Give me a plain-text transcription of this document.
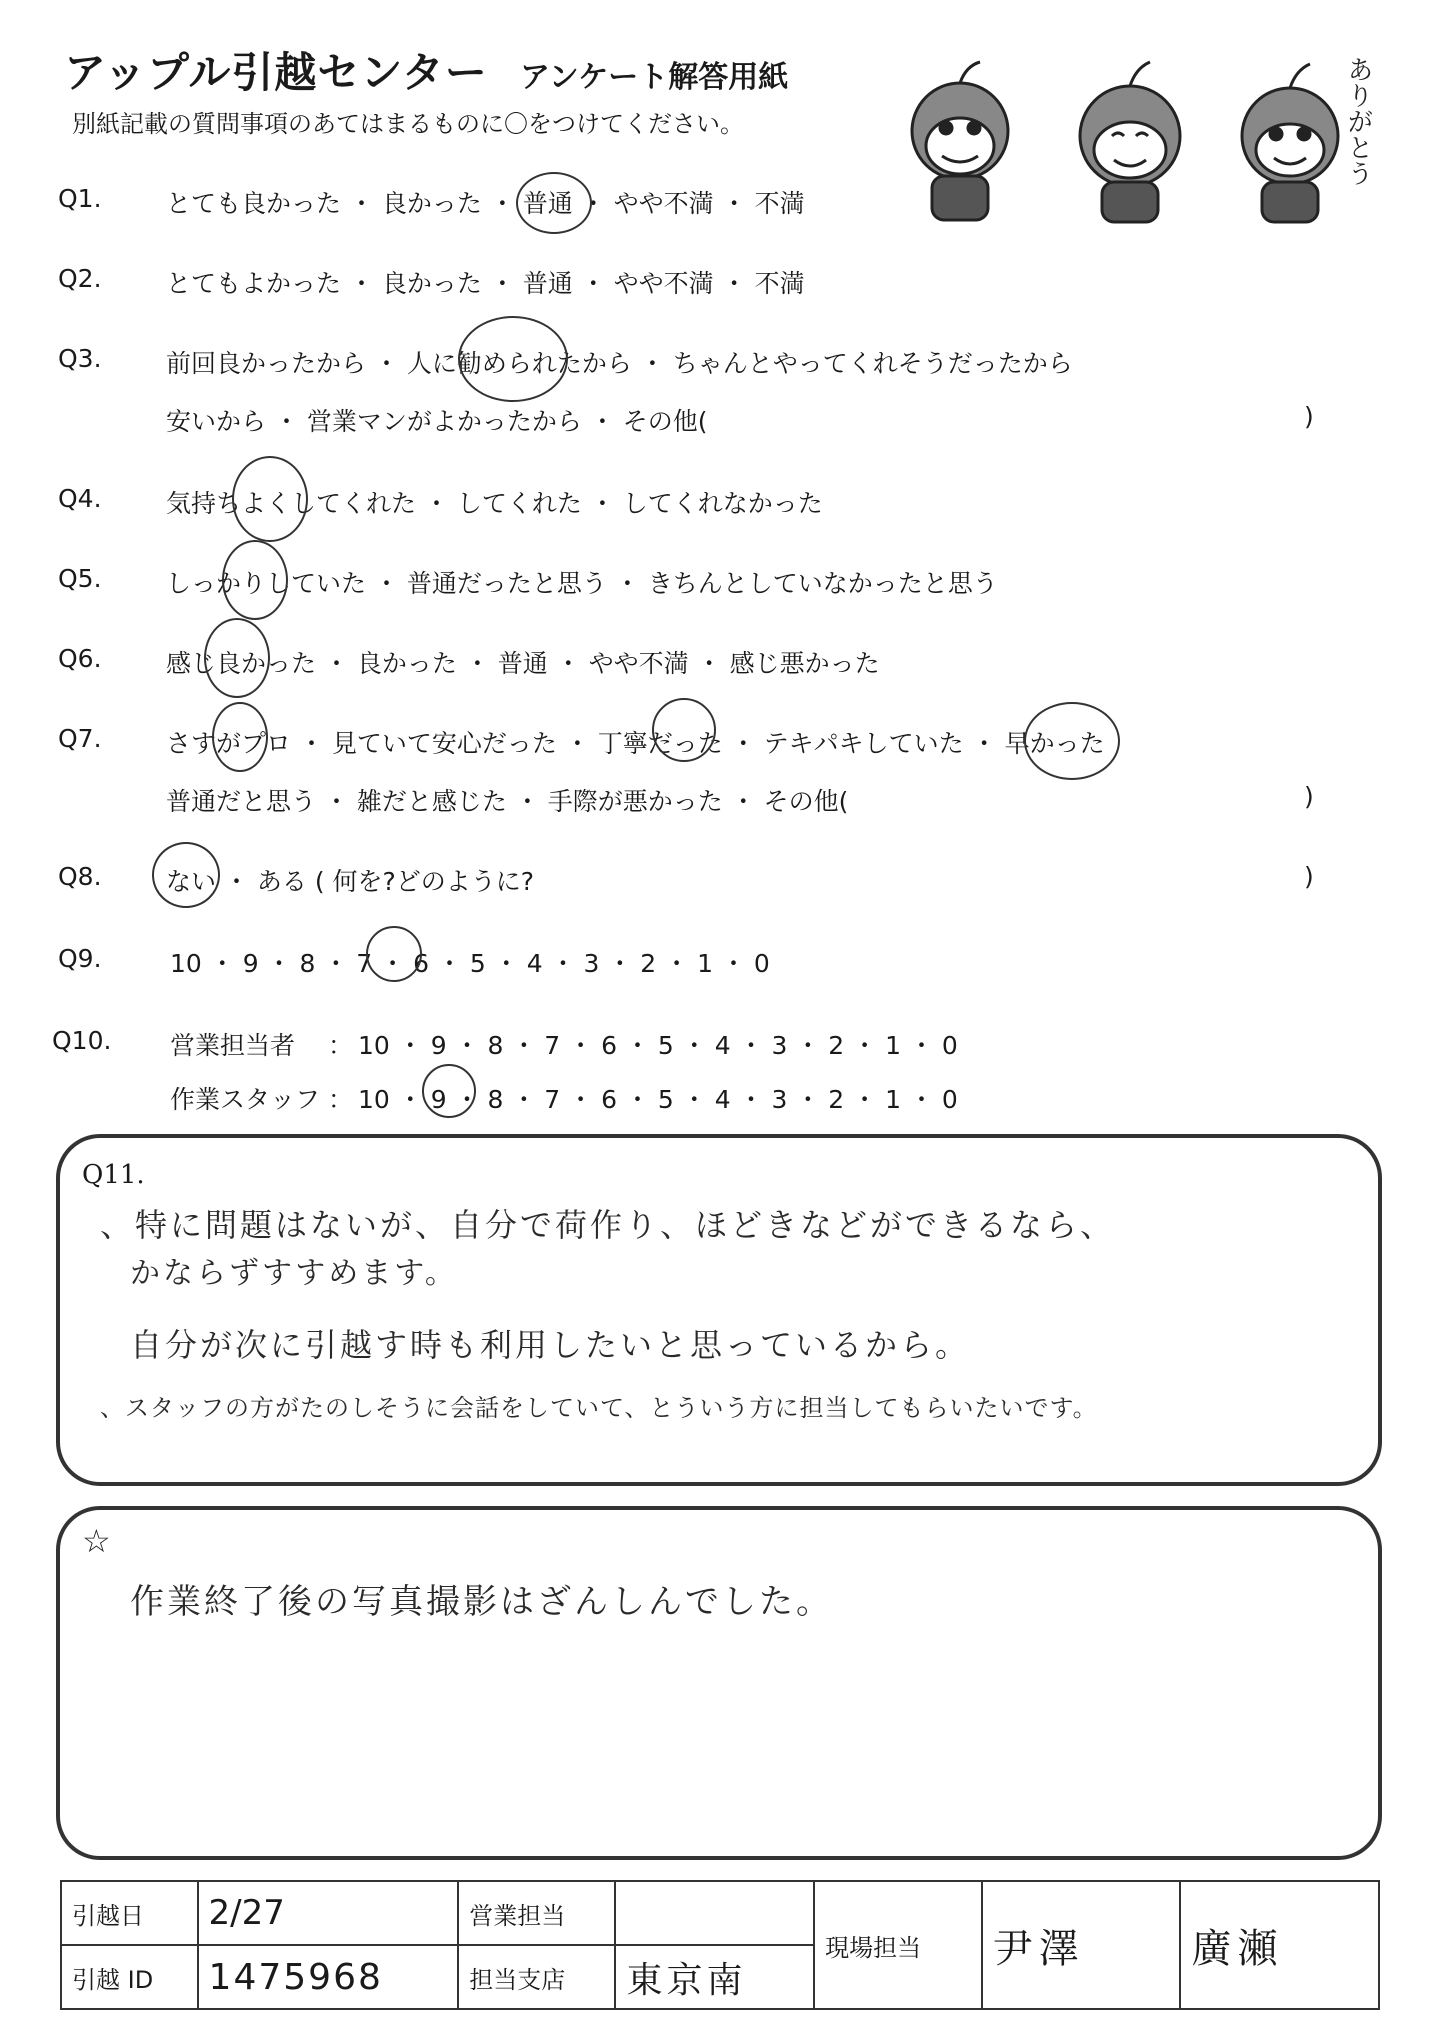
アップル引越センター アンケート解答用紙
別紙記載の質問事項のあてはまるものに〇をつけてください。	ありがとう
Q1.	とても良かった ・ 良かった ・ 普通 ・ やや不満 ・ 不満
Q2.	とてもよかった ・ 良かった ・ 普通 ・ やや不満 ・ 不満
Q3.	前回良かったから ・ 人に勧められたから ・ ちゃんとやってくれそうだったから
安いから ・ 営業マンがよかったから ・ その他(	)
Q4.	気持ちよくしてくれた ・ してくれた ・ してくれなかった
Q5.	しっかりしていた ・ 普通だったと思う ・ きちんとしていなかったと思う
Q6.	感じ良かった ・ 良かった ・ 普通 ・ やや不満 ・ 感じ悪かった
Q7.	さすがプロ ・ 見ていて安心だった ・ 丁寧だった ・ テキパキしていた ・ 早かった
普通だと思う ・ 雑だと感じた ・ 手際が悪かった ・ その他(	)
Q8.	ない ・ ある ( 何を?どのように?	)
Q9.	10 ・ 9 ・ 8 ・ 7 ・ 6 ・ 5 ・ 4 ・ 3 ・ 2 ・ 1 ・ 0
Q10. 営業担当者 ： 10 ・ 9 ・ 8 ・ 7 ・ 6 ・ 5 ・ 4 ・ 3 ・ 2 ・ 1 ・ 0
作業スタッフ ： 10 ・ 9 ・ 8 ・ 7 ・ 6 ・ 5 ・ 4 ・ 3 ・ 2 ・ 1 ・ 0
Q11.
、特に問題はないが、自分で荷作り、ほどきなどができるなら、
かならずすすめます。
自分が次に引越す時も利用したいと思っているから。
、スタッフの方がたのしそうに会話をしていて、とういう方に担当してもらいたいです。
☆
作業終了後の写真撮影はざんしんでした。
引越日	2/27	営業担当		現場担当	尹澤	廣瀬
引越 ID	1475968	担当支店	東京南			
